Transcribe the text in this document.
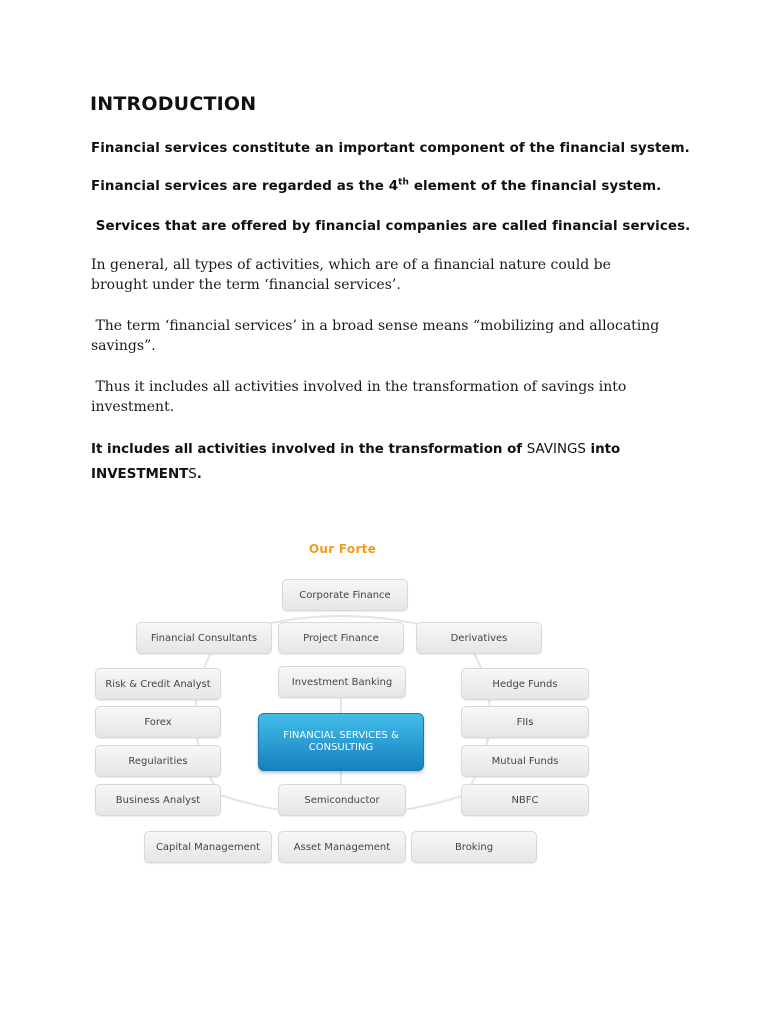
INTRODUCTION

Financial services constitute an important component of the financial system.

Financial services are regarded as the 4th element of the financial system.

Services that are offered by financial companies are called financial services.

In general, all types of activities, which are of a financial nature could be brought under the term ‘financial services’.

The term ‘financial services’ in a broad sense means “mobilizing and allocating savings”.

Thus it includes all activities involved in the transformation of savings into investment.

It includes all activities involved in the transformation of SAVINGS into INVESTMENTS.

Our Forte
FINANCIAL SERVICES & CONSULTING
Financial Consultants
Risk & Credit Analyst
Forex
Regularities
Business Analyst
Capital Management
Corporate Finance
Project Finance
Investment Banking
Semiconductor
Asset Management
Derivatives
Hedge Funds
FIIs
Mutual Funds
NBFC
Broking
